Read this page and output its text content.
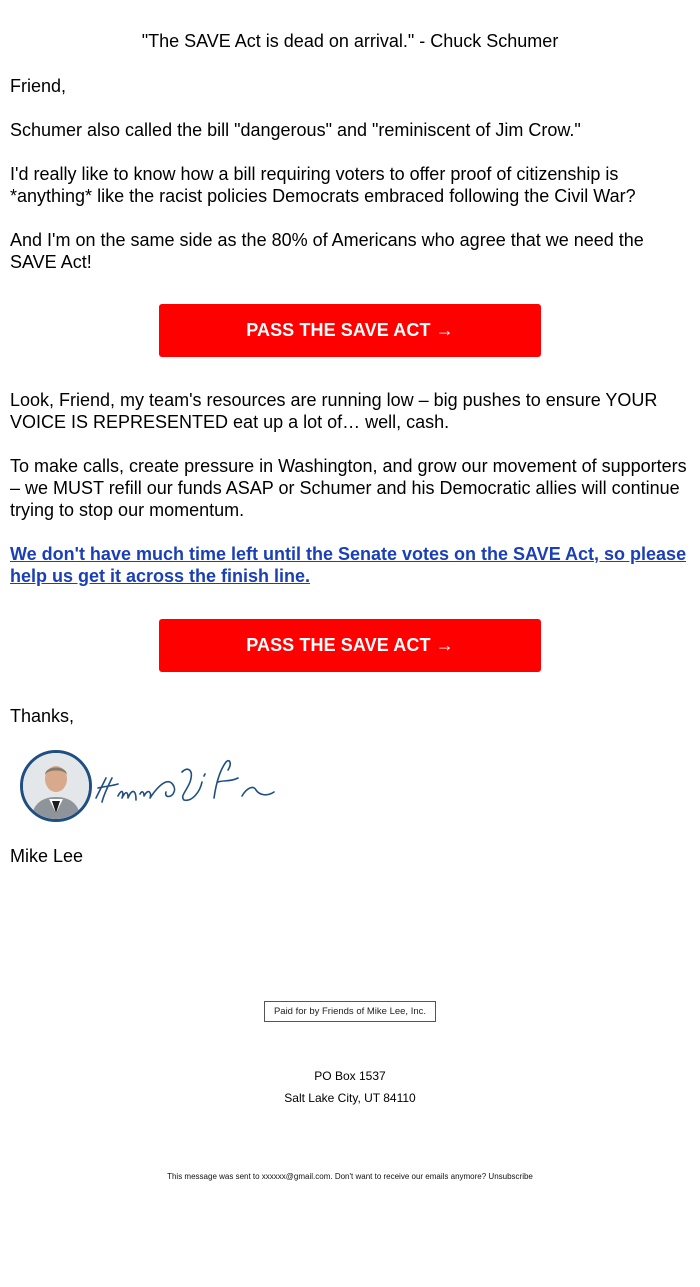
"The SAVE Act is dead on arrival." - Chuck Schumer

Friend,

Schumer also called the bill "dangerous" and "reminiscent of Jim Crow."

I'd really like to know how a bill requiring voters to offer proof of citizenship is *anything* like the racist policies Democrats embraced following the Civil War?

And I'm on the same side as the 80% of Americans who agree that we need the SAVE Act!

PASS THE SAVE ACT →

Look, Friend, my team's resources are running low – big pushes to ensure YOUR VOICE IS REPRESENTED eat up a lot of… well, cash.

To make calls, create pressure in Washington, and grow our movement of supporters – we MUST refill our funds ASAP or Schumer and his Democratic allies will continue trying to stop our momentum.

We don't have much time left until the Senate votes on the SAVE Act, so please help us get it across the finish line.

PASS THE SAVE ACT →

Thanks,

Mike Lee

Paid for by Friends of Mike Lee, Inc.
PO Box 1537
Salt Lake City, UT 84110
This message was sent to xxxxxx@gmail.com. Don't want to receive our emails anymore? Unsubscribe
